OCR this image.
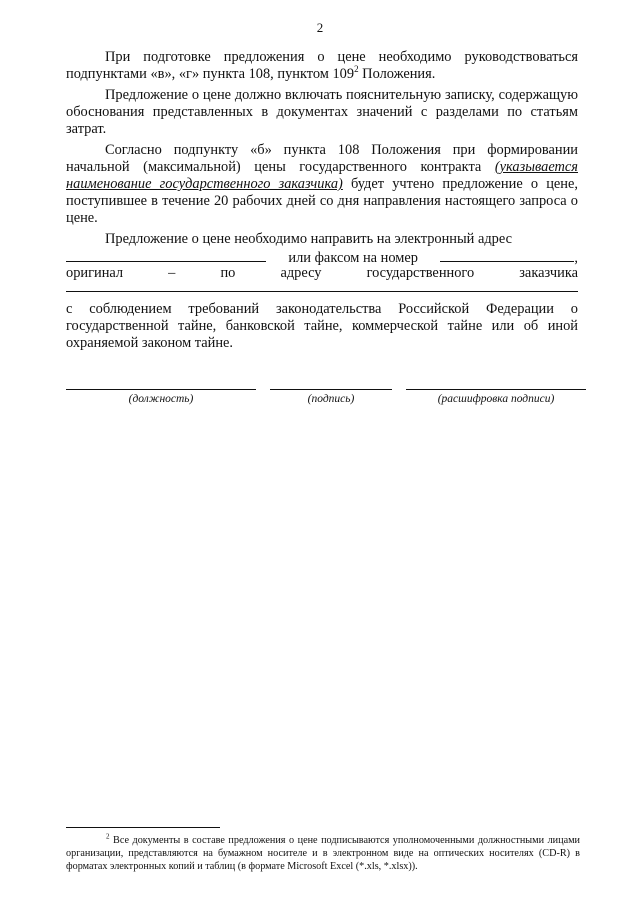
2

При подготовке предложения о цене необходимо руководствоваться подпунктами «в», «г» пункта 108, пунктом $109^2$ Положения.

Предложение о цене должно включать пояснительную записку, содержащую обоснования представленных в документах значений с разделами по статьям затрат.

Согласно подпункту «б» пункта 108 Положения при формировании начальной (максимальной) цены государственного контракта (указывается наименование государственного заказчика) будет учтено предложение о цене, поступившее в течение 20 рабочих дней со дня направления настоящего запроса о цене.

Предложение о цене необходимо направить на электронный адрес

или факсом на номер	,
оригинал	–	по	адресу	государственного	заказчика

с соблюдением требований законодательства Российской Федерации о государственной тайне, банковской тайне, коммерческой тайне или об иной охраняемой законом тайне.

(должность)	(подпись)	(расшифровка подписи)
$^2$ Все документы в составе предложения о цене подписываются уполномоченными должностными лицами организации, представляются на бумажном носителе и в электронном виде на оптических носителях (CD-R) в форматах электронных копий и таблиц (в формате Microsoft Excel (*.xls, *.xlsx)).
